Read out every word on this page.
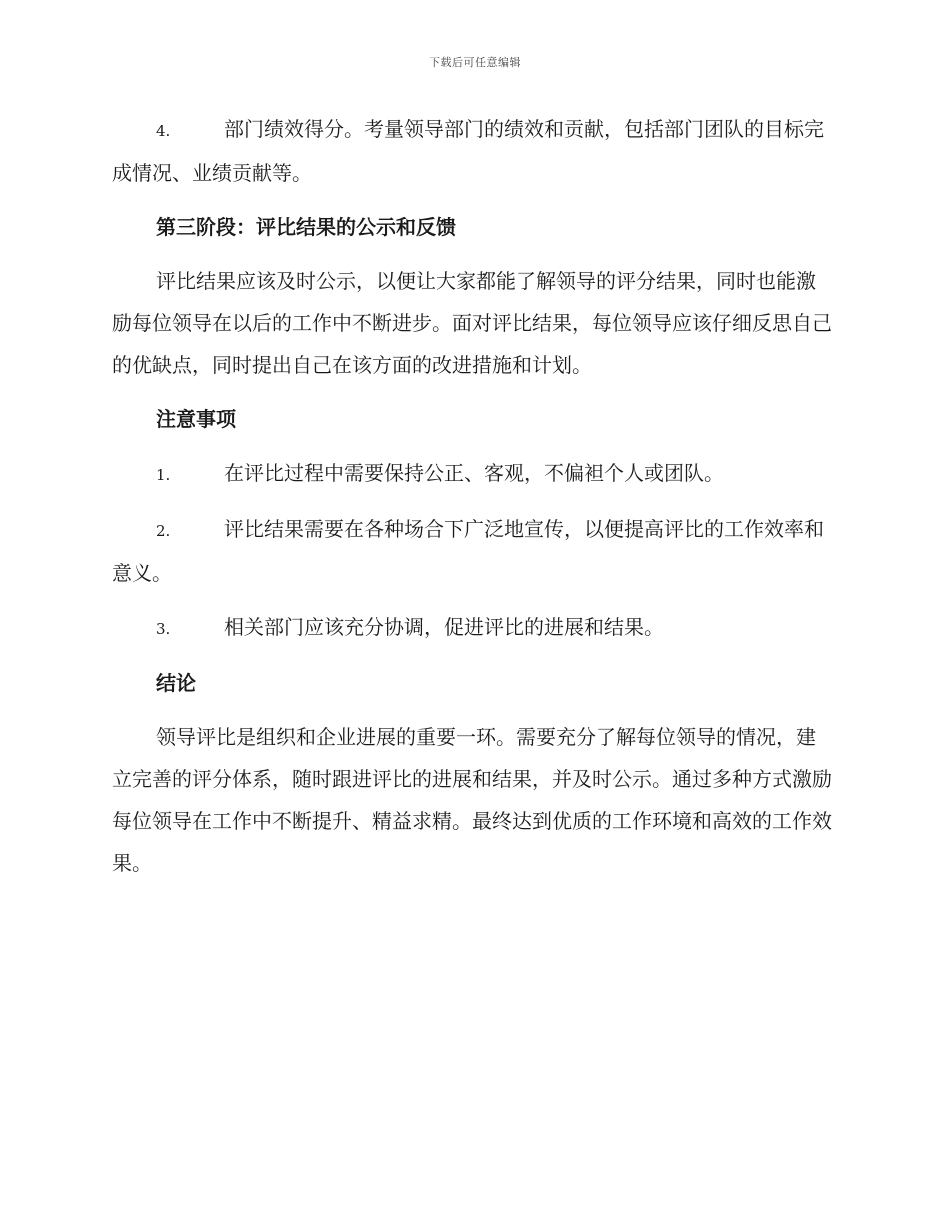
下载后可任意编辑

4.	部门绩效得分。考量领导部门的绩效和贡献，包括部门团队的目标完成情况、业绩贡献等。

第三阶段：评比结果的公示和反馈

评比结果应该及时公示，以便让大家都能了解领导的评分结果，同时也能激励每位领导在以后的工作中不断进步。面对评比结果，每位领导应该仔细反思自己的优缺点，同时提出自己在该方面的改进措施和计划。

注意事项

1.	在评比过程中需要保持公正、客观，不偏袒个人或团队。

2.	评比结果需要在各种场合下广泛地宣传，以便提高评比的工作效率和意义。

3.	相关部门应该充分协调，促进评比的进展和结果。

结论

领导评比是组织和企业进展的重要一环。需要充分了解每位领导的情况，建立完善的评分体系，随时跟进评比的进展和结果，并及时公示。通过多种方式激励每位领导在工作中不断提升、精益求精。最终达到优质的工作环境和高效的工作效果。
